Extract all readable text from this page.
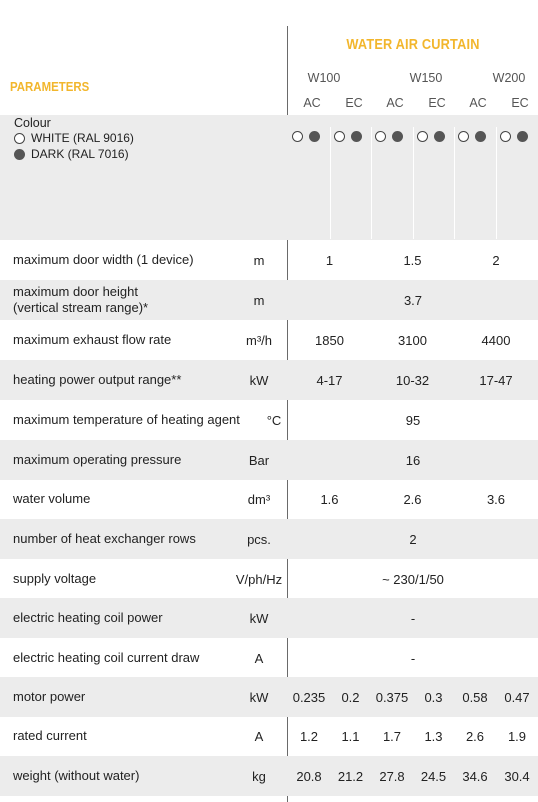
WATER AIR CURTAIN
PARAMETERS
W100	W150	W200
AC	EC	AC	EC	AC	EC
Colour
WHITE (RAL 9016)
DARK (RAL 7016)
maximum door width (1 device)	m	1	1.5	2
maximum door height
(vertical stream range)*	m	3.7
maximum exhaust flow rate	m³/h	1850	3100	4400
heating power output range**	kW	4-17	10-32	17-47
maximum temperature of heating agent	°C	95
maximum operating pressure	Bar	16
water volume	dm³	1.6	2.6	3.6
number of heat exchanger rows	pcs.	2
supply voltage	V/ph/Hz	~ 230/1/50
electric heating coil power	kW	-
electric heating coil current draw	A	-
motor power	kW	0.235	0.2	0.375	0.3	0.58	0.47
rated current	A	1.2	1.1	1.7	1.3	2.6	1.9
weight (without water)	kg	20.8	21.2	27.8	24.5	34.6	30.4
